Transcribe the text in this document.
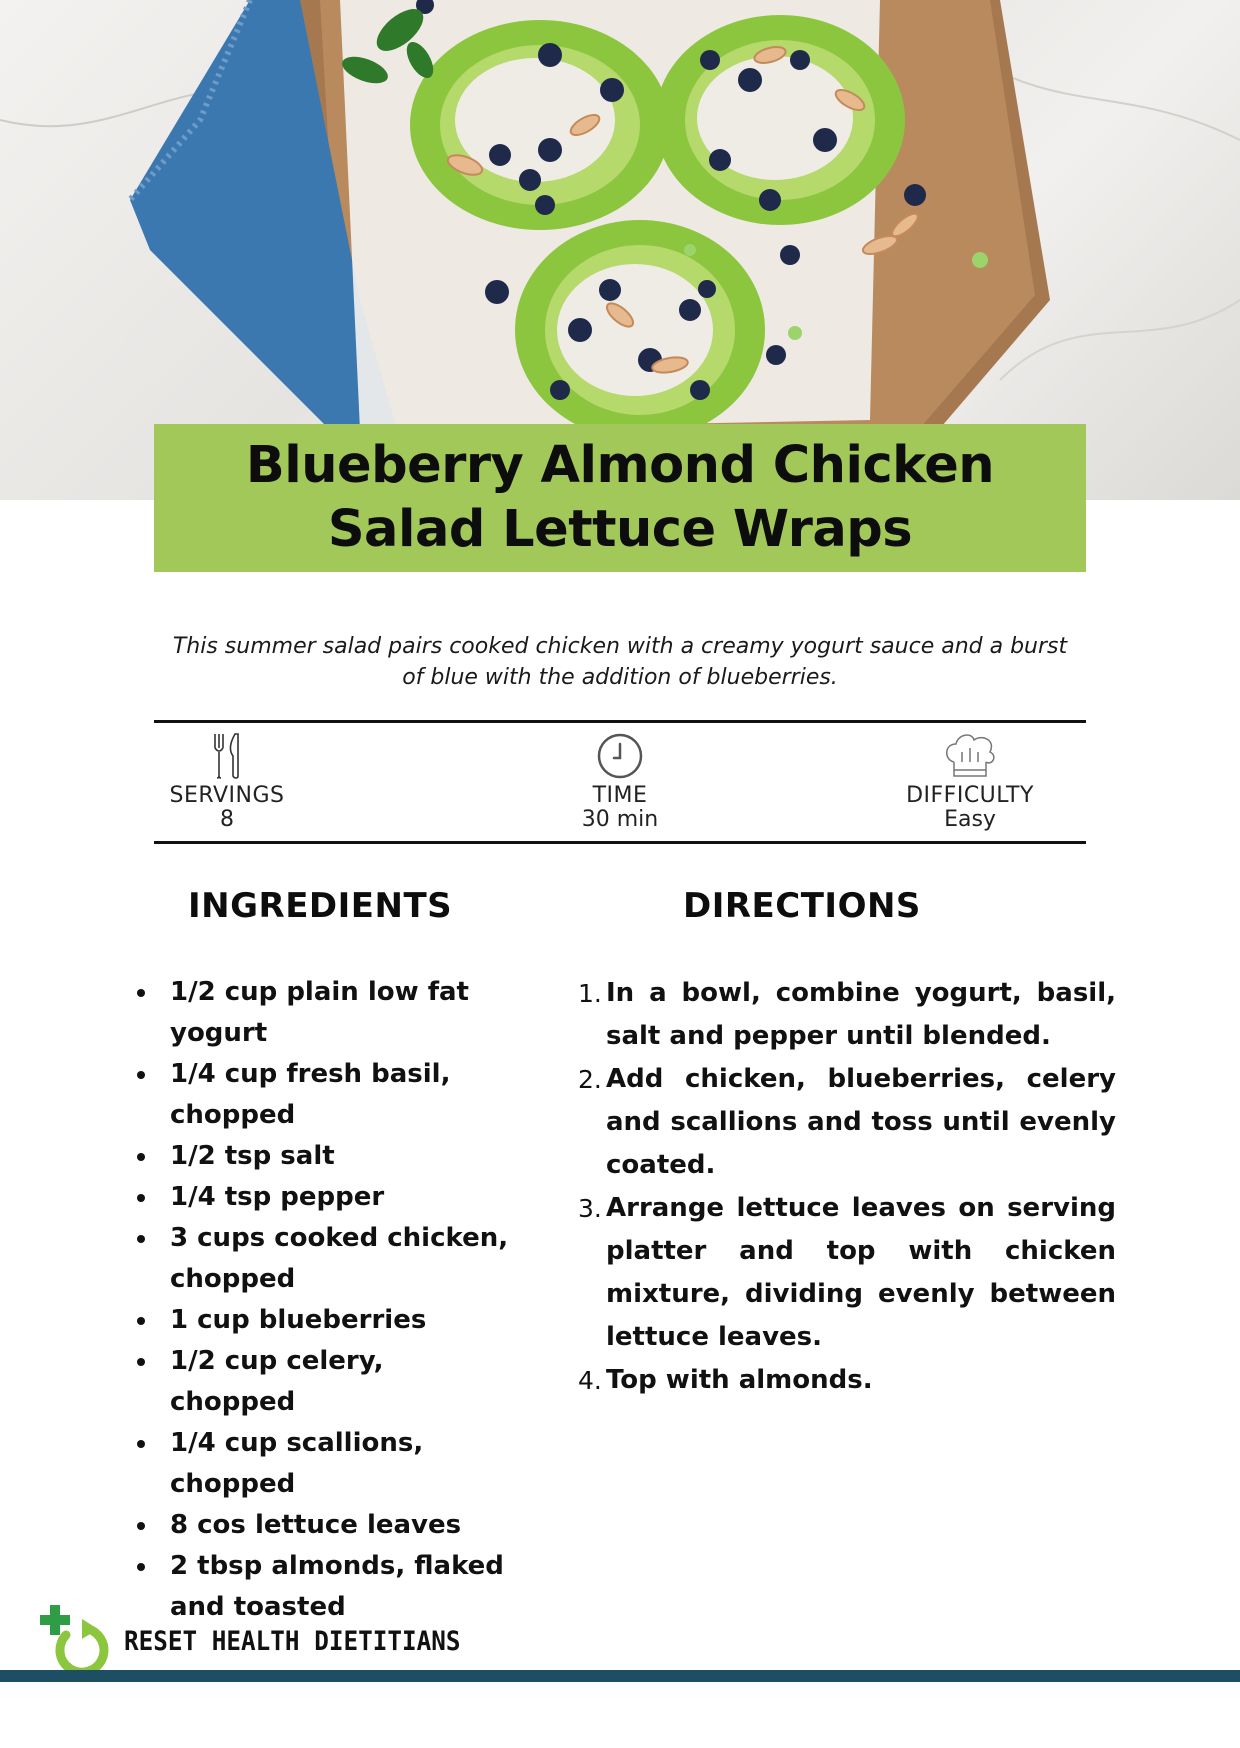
Blueberry Almond Chicken Salad Lettuce Wraps

This summer salad pairs cooked chicken with a creamy yogurt sauce and a burst of blue with the addition of blueberries.

SERVINGS
8
TIME
30 min
DIFFICULTY
Easy
INGREDIENTS	DIRECTIONS
1/2 cup plain low fat yogurt
1/4 cup fresh basil, chopped
1/2 tsp salt
1/4 tsp pepper
3 cups cooked chicken, chopped
1 cup blueberries
1/2 cup celery, chopped
1/4 cup scallions, chopped
8 cos lettuce leaves
2 tbsp almonds, flaked and toasted
1. In a bowl, combine yogurt, basil, salt and pepper until blended.
2. Add chicken, blueberries, celery and scallions and toss until evenly coated.
3. Arrange lettuce leaves on serving platter and top with chicken mixture, dividing evenly between lettuce leaves.
4. Top with almonds.

RESET HEALTH DIETITIANS
